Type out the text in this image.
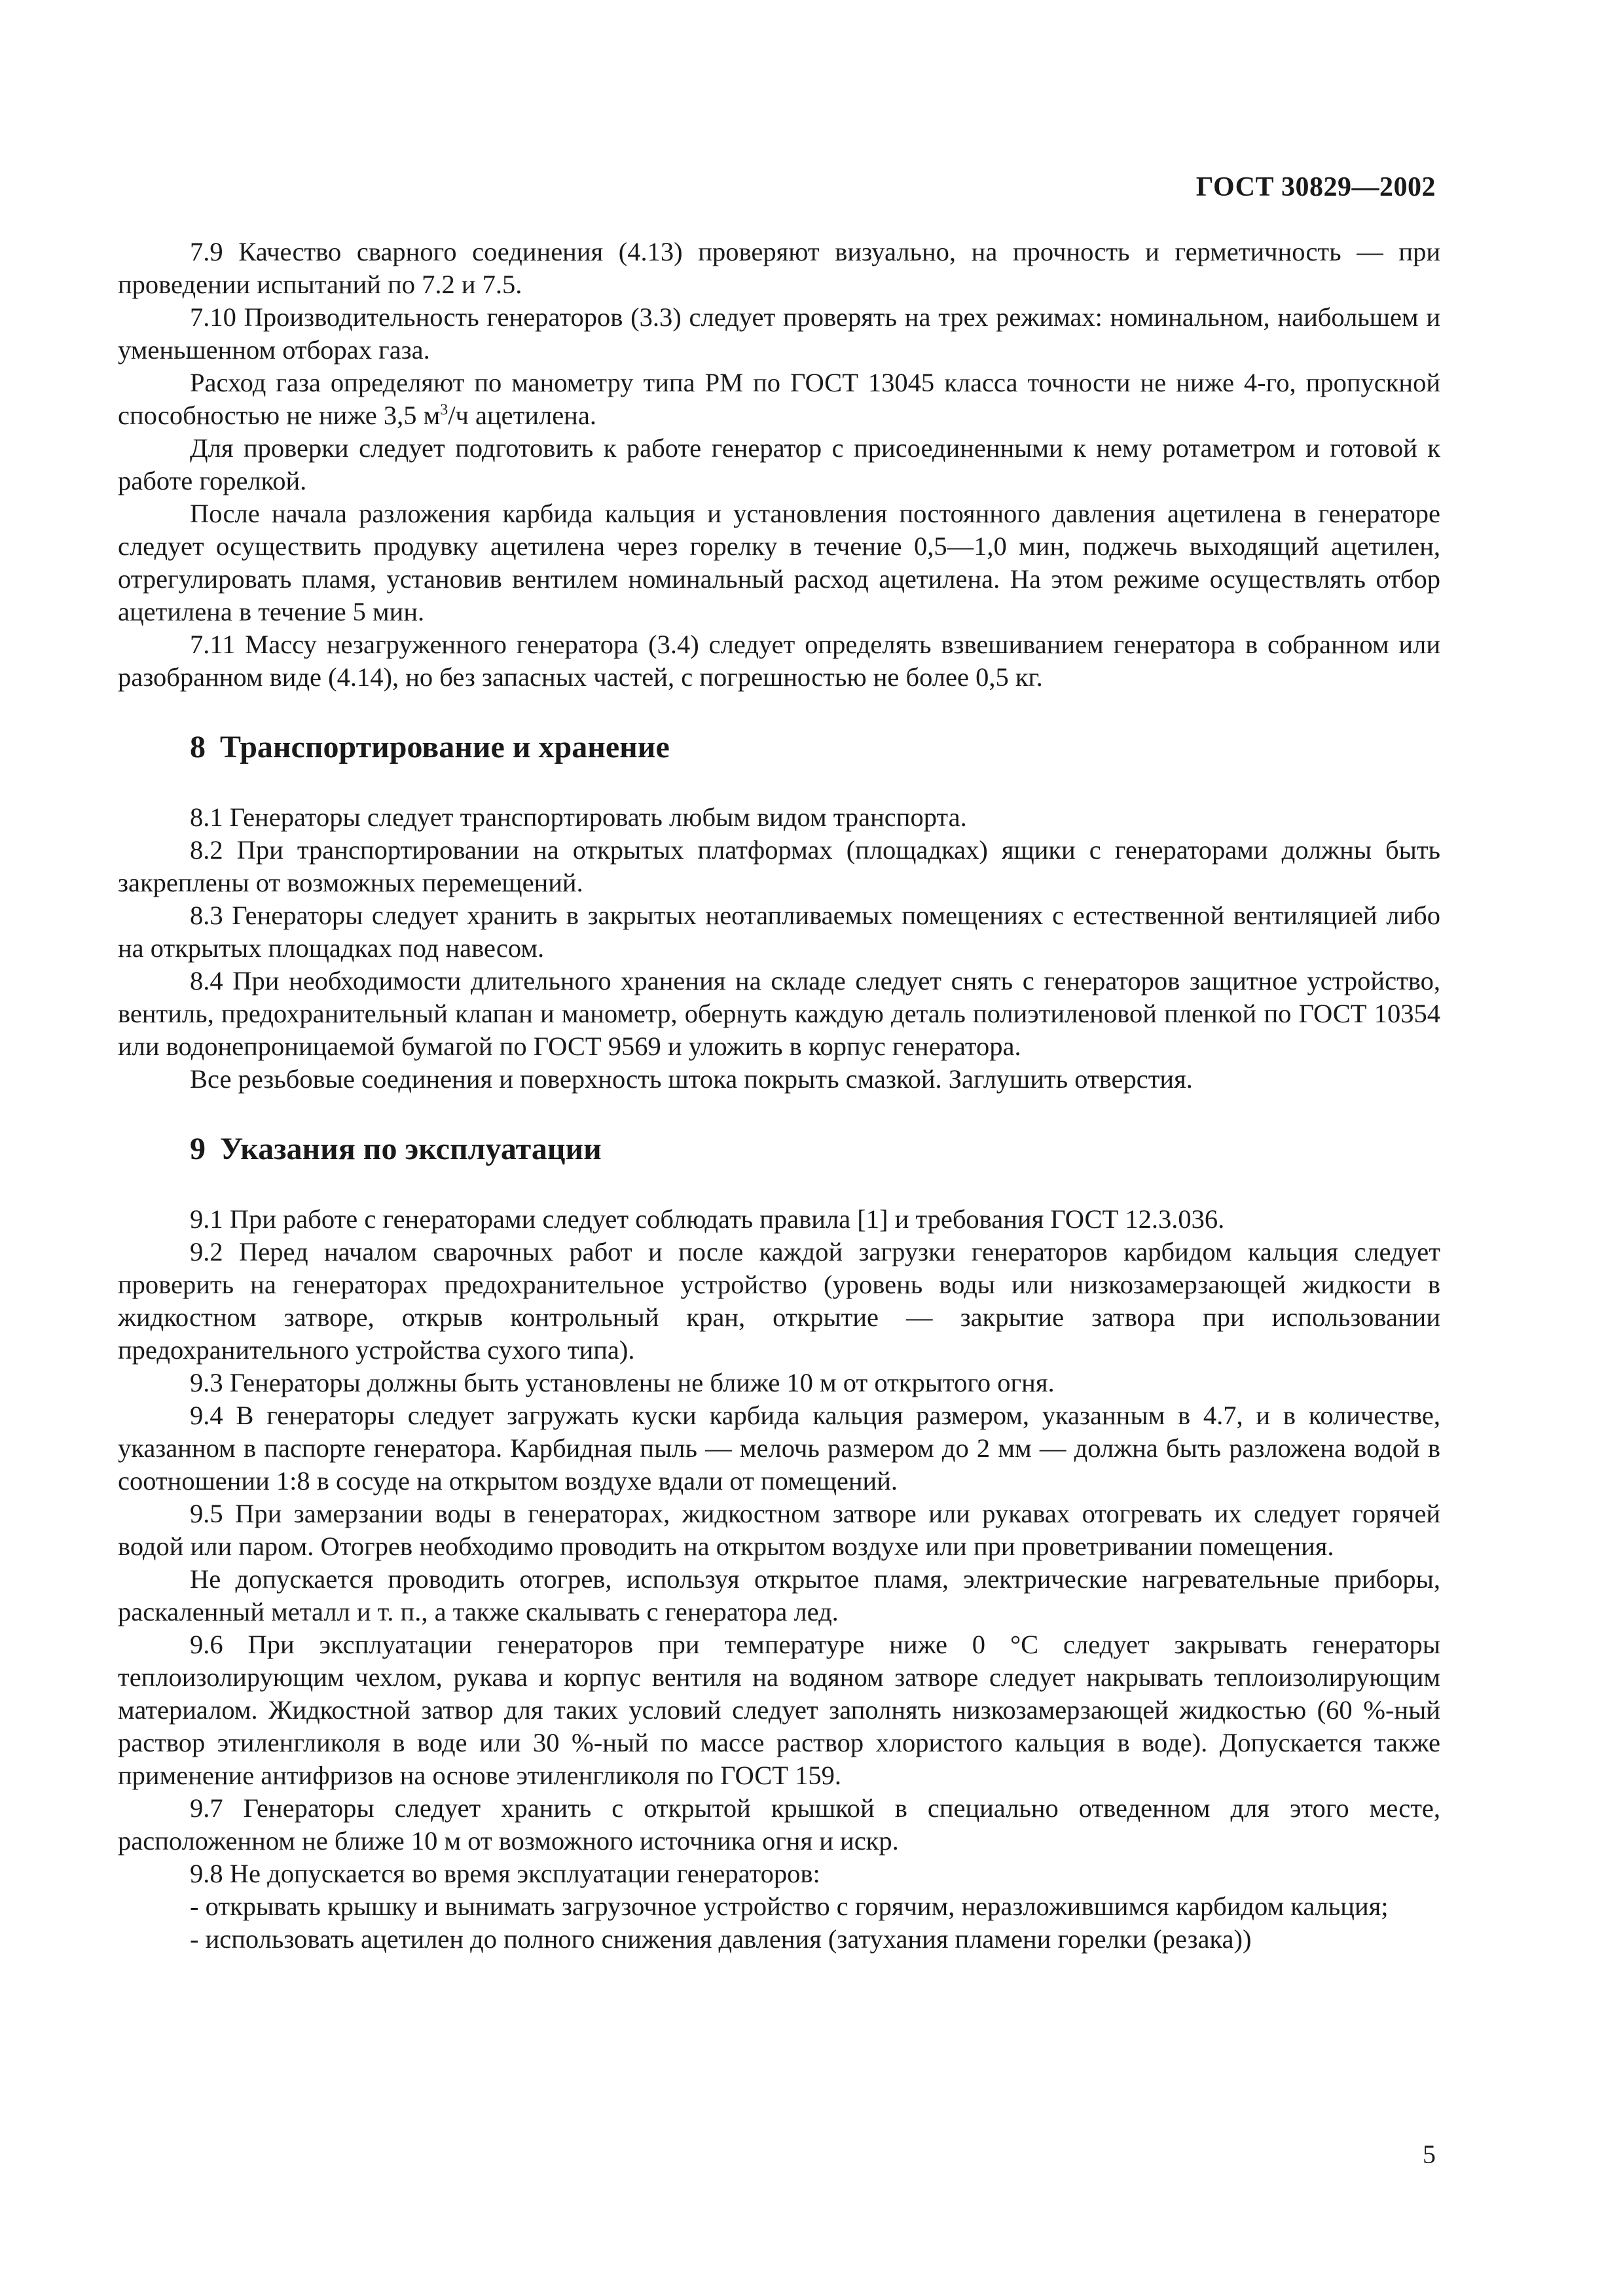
ГОСТ 30829—2002

7.9 Качество сварного соединения (4.13) проверяют визуально, на прочность и герметичность — при проведении испытаний по 7.2 и 7.5.

7.10 Производительность генераторов (3.3) следует проверять на трех режимах: номинальном, наибольшем и уменьшенном отборах газа.

Расход газа определяют по манометру типа РМ по ГОСТ 13045 класса точности не ниже 4-го, пропускной способностью не ниже 3,5 $м^3/ч$ ацетилена.

Для проверки следует подготовить к работе генератор с присоединенными к нему ротаметром и готовой к работе горелкой.

После начала разложения карбида кальция и установления постоянного давления ацетилена в генераторе следует осуществить продувку ацетилена через горелку в течение 0,5—1,0 мин, поджечь выходящий ацетилен, отрегулировать пламя, установив вентилем номинальный расход ацетилена. На этом режиме осуществлять отбор ацетилена в течение 5 мин.

7.11 Массу незагруженного генератора (3.4) следует определять взвешиванием генератора в собранном или разобранном виде (4.14), но без запасных частей, с погрешностью не более 0,5 кг.

8 Транспортирование и хранение

8.1 Генераторы следует транспортировать любым видом транспорта.

8.2 При транспортировании на открытых платформах (площадках) ящики с генераторами должны быть закреплены от возможных перемещений.

8.3 Генераторы следует хранить в закрытых неотапливаемых помещениях с естественной вентиляцией либо на открытых площадках под навесом.

8.4 При необходимости длительного хранения на складе следует снять с генераторов защитное устройство, вентиль, предохранительный клапан и манометр, обернуть каждую деталь полиэтиленовой пленкой по ГОСТ 10354 или водонепроницаемой бумагой по ГОСТ 9569 и уложить в корпус генератора.

Все резьбовые соединения и поверхность штока покрыть смазкой. Заглушить отверстия.

9 Указания по эксплуатации

9.1 При работе с генераторами следует соблюдать правила [1] и требования ГОСТ 12.3.036.

9.2 Перед началом сварочных работ и после каждой загрузки генераторов карбидом кальция следует проверить на генераторах предохранительное устройство (уровень воды или низкозамерзающей жидкости в жидкостном затворе, открыв контрольный кран, открытие — закрытие затвора при использовании предохранительного устройства сухого типа).

9.3 Генераторы должны быть установлены не ближе 10 м от открытого огня.

9.4 В генераторы следует загружать куски карбида кальция размером, указанным в 4.7, и в количестве, указанном в паспорте генератора. Карбидная пыль — мелочь размером до 2 мм — должна быть разложена водой в соотношении 1:8 в сосуде на открытом воздухе вдали от помещений.

9.5 При замерзании воды в генераторах, жидкостном затворе или рукавах отогревать их следует горячей водой или паром. Отогрев необходимо проводить на открытом воздухе или при проветривании помещения.

Не допускается проводить отогрев, используя открытое пламя, электрические нагревательные приборы, раскаленный металл и т. п., а также скалывать с генератора лед.

9.6 При эксплуатации генераторов при температуре ниже 0 °С следует закрывать генераторы теплоизолирующим чехлом, рукава и корпус вентиля на водяном затворе следует накрывать теплоизолирующим материалом. Жидкостной затвор для таких условий следует заполнять низкозамерзающей жидкостью (60 %-ный раствор этиленгликоля в воде или 30 %-ный по массе раствор хлористого кальция в воде). Допускается также применение антифризов на основе этиленгликоля по ГОСТ 159.

9.7 Генераторы следует хранить с открытой крышкой в специально отведенном для этого месте, расположенном не ближе 10 м от возможного источника огня и искр.

9.8 Не допускается во время эксплуатации генераторов:

- открывать крышку и вынимать загрузочное устройство с горячим, неразложившимся карбидом кальция;

- использовать ацетилен до полного снижения давления (затухания пламени горелки (резака))

5
